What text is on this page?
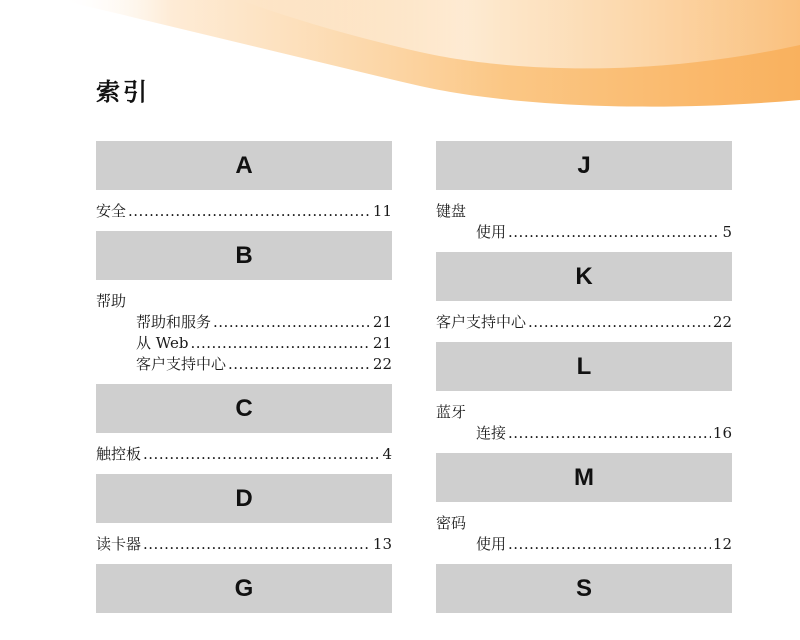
索引
A
安全 .....	11
B
帮助
帮助和服务 .....	21
从 Web .....	21
客户支持中心 .....	22
C
触控板 .....	4
D
读卡器 .....	13
G
J
键盘
使用 .....	5
K
客户支持中心 .....	22
L
蓝牙
连接 .....	16
M
密码
使用 .....	12
S
